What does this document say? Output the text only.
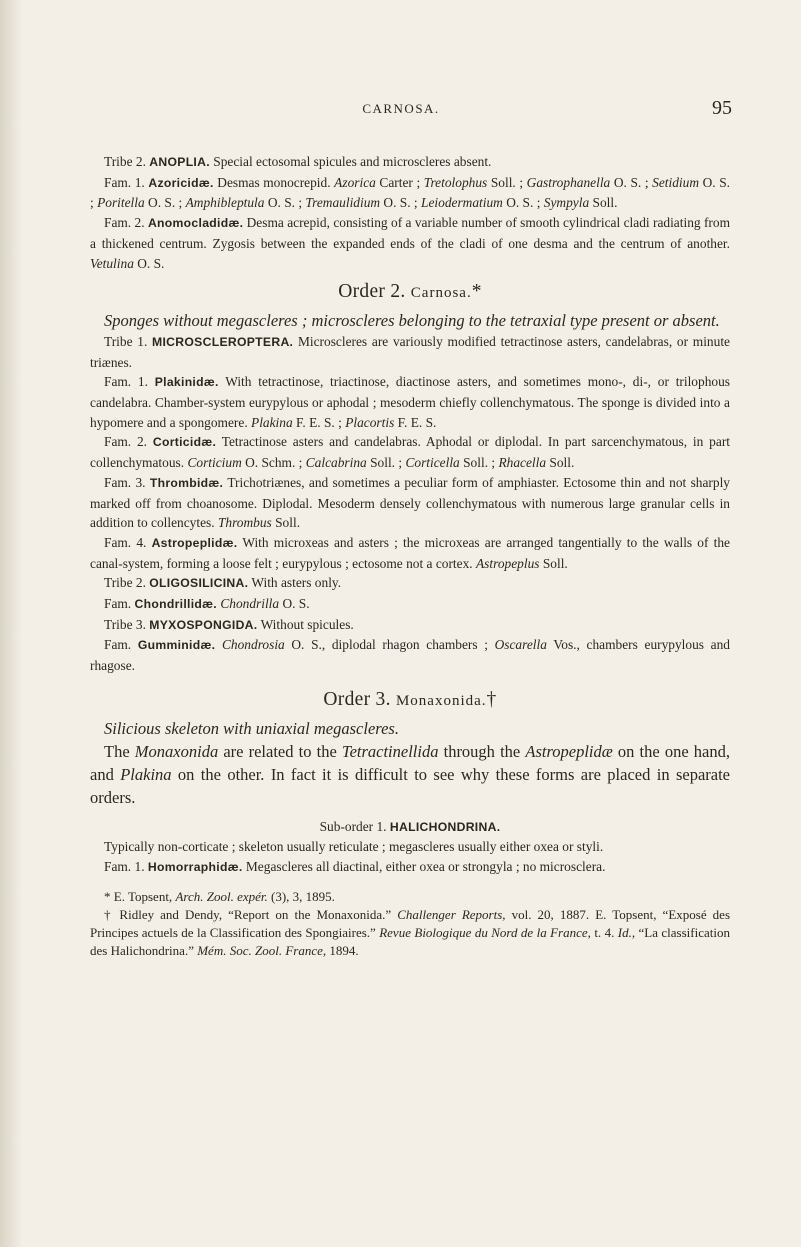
CARNOSA.	95

Tribe 2. ANOPLIA. Special ectosomal spicules and microscleres absent.

Fam. 1. Azoricidæ. Desmas monocrepid. Azorica Carter ; Tretolophus Soll. ; Gastrophanella O. S. ; Setidium O. S. ; Poritella O. S. ; Amphibleptula O. S. ; Tremaulidium O. S. ; Leiodermatium O. S. ; Sympyla Soll.

Fam. 2. Anomocladidæ. Desma acrepid, consisting of a variable number of smooth cylindrical cladi radiating from a thickened centrum. Zygosis between the expanded ends of the cladi of one desma and the centrum of another. Vetulina O. S.

Order 2. Carnosa.*

Sponges without megascleres ; microscleres belonging to the tetraxial type present or absent.

Tribe 1. MICROSCLEROPTERA. Microscleres are variously modified tetractinose asters, candelabras, or minute triænes.

Fam. 1. Plakinidæ. With tetractinose, triactinose, diactinose asters, and sometimes mono-, di-, or trilophous candelabra. Chamber-system eurypylous or aphodal ; mesoderm chiefly collenchymatous. The sponge is divided into a hypomere and a spongomere. Plakina F. E. S. ; Placortis F. E. S.

Fam. 2. Corticidæ. Tetractinose asters and candelabras. Aphodal or diplodal. In part sarcenchymatous, in part collenchymatous. Corticium O. Schm. ; Calcabrina Soll. ; Corticella Soll. ; Rhacella Soll.

Fam. 3. Thrombidæ. Trichotriænes, and sometimes a peculiar form of amphiaster. Ectosome thin and not sharply marked off from choanosome. Diplodal. Mesoderm densely collenchymatous with numerous large granular cells in addition to collencytes. Thrombus Soll.

Fam. 4. Astropeplidæ. With microxeas and asters ; the microxeas are arranged tangentially to the walls of the canal-system, forming a loose felt ; eurypylous ; ectosome not a cortex. Astropeplus Soll.

Tribe 2. OLIGOSILICINA. With asters only.

Fam. Chondrillidæ. Chondrilla O. S.

Tribe 3. MYXOSPONGIDA. Without spicules.

Fam. Gumminidæ. Chondrosia O. S., diplodal rhagon chambers ; Oscarella Vos., chambers eurypylous and rhagose.

Order 3. Monaxonida.†

Silicious skeleton with uniaxial megascleres.

The Monaxonida are related to the Tetractinellida through the Astropeplidæ on the one hand, and Plakina on the other. In fact it is difficult to see why these forms are placed in separate orders.

Sub-order 1. HALICHONDRINA.

Typically non-corticate ; skeleton usually reticulate ; megascleres usually either oxea or styli.

Fam. 1. Homorraphidæ. Megascleres all diactinal, either oxea or strongyla ; no microsclera.

* E. Topsent, Arch. Zool. expér. (3), 3, 1895.

† Ridley and Dendy, “Report on the Monaxonida.” Challenger Reports, vol. 20, 1887. E. Topsent, “Exposé des Principes actuels de la Classification des Spongiaires.” Revue Biologique du Nord de la France, t. 4. Id., “La classification des Halichondrina.” Mém. Soc. Zool. France, 1894.
